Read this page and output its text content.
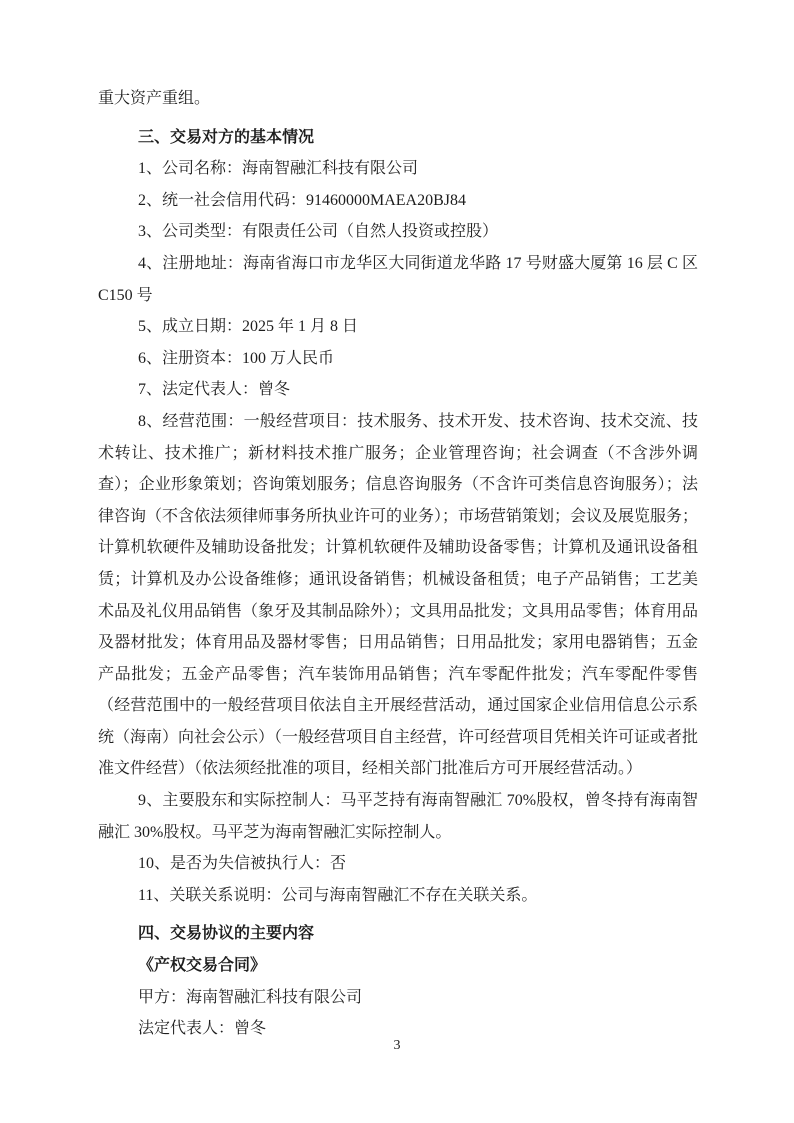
重大资产重组。

三、交易对方的基本情况

1、公司名称：海南智融汇科技有限公司

2、统一社会信用代码：91460000MAEA20BJ84

3、公司类型：有限责任公司（自然人投资或控股）

4、注册地址：海南省海口市龙华区大同街道龙华路 17 号财盛大厦第 16 层 C 区 C150 号

5、成立日期：2025 年 1 月 8 日

6、注册资本：100 万人民币

7、法定代表人：曾冬

8、经营范围：一般经营项目：技术服务、技术开发、技术咨询、技术交流、技术转让、技术推广；新材料技术推广服务；企业管理咨询；社会调查（不含涉外调查）；企业形象策划；咨询策划服务；信息咨询服务（不含许可类信息咨询服务）；法律咨询（不含依法须律师事务所执业许可的业务）；市场营销策划；会议及展览服务；计算机软硬件及辅助设备批发；计算机软硬件及辅助设备零售；计算机及通讯设备租赁；计算机及办公设备维修；通讯设备销售；机械设备租赁；电子产品销售；工艺美术品及礼仪用品销售（象牙及其制品除外）；文具用品批发；文具用品零售；体育用品及器材批发；体育用品及器材零售；日用品销售；日用品批发；家用电器销售；五金产品批发；五金产品零售；汽车装饰用品销售；汽车零配件批发；汽车零配件零售（经营范围中的一般经营项目依法自主开展经营活动，通过国家企业信用信息公示系统（海南）向社会公示）（一般经营项目自主经营，许可经营项目凭相关许可证或者批准文件经营）（依法须经批准的项目，经相关部门批准后方可开展经营活动。）

9、主要股东和实际控制人：马平芝持有海南智融汇 70%股权，曾冬持有海南智融汇 30%股权。马平芝为海南智融汇实际控制人。

10、是否为失信被执行人：否

11、关联关系说明：公司与海南智融汇不存在关联关系。

四、交易协议的主要内容

《产权交易合同》

甲方：海南智融汇科技有限公司

法定代表人：曾冬

3
